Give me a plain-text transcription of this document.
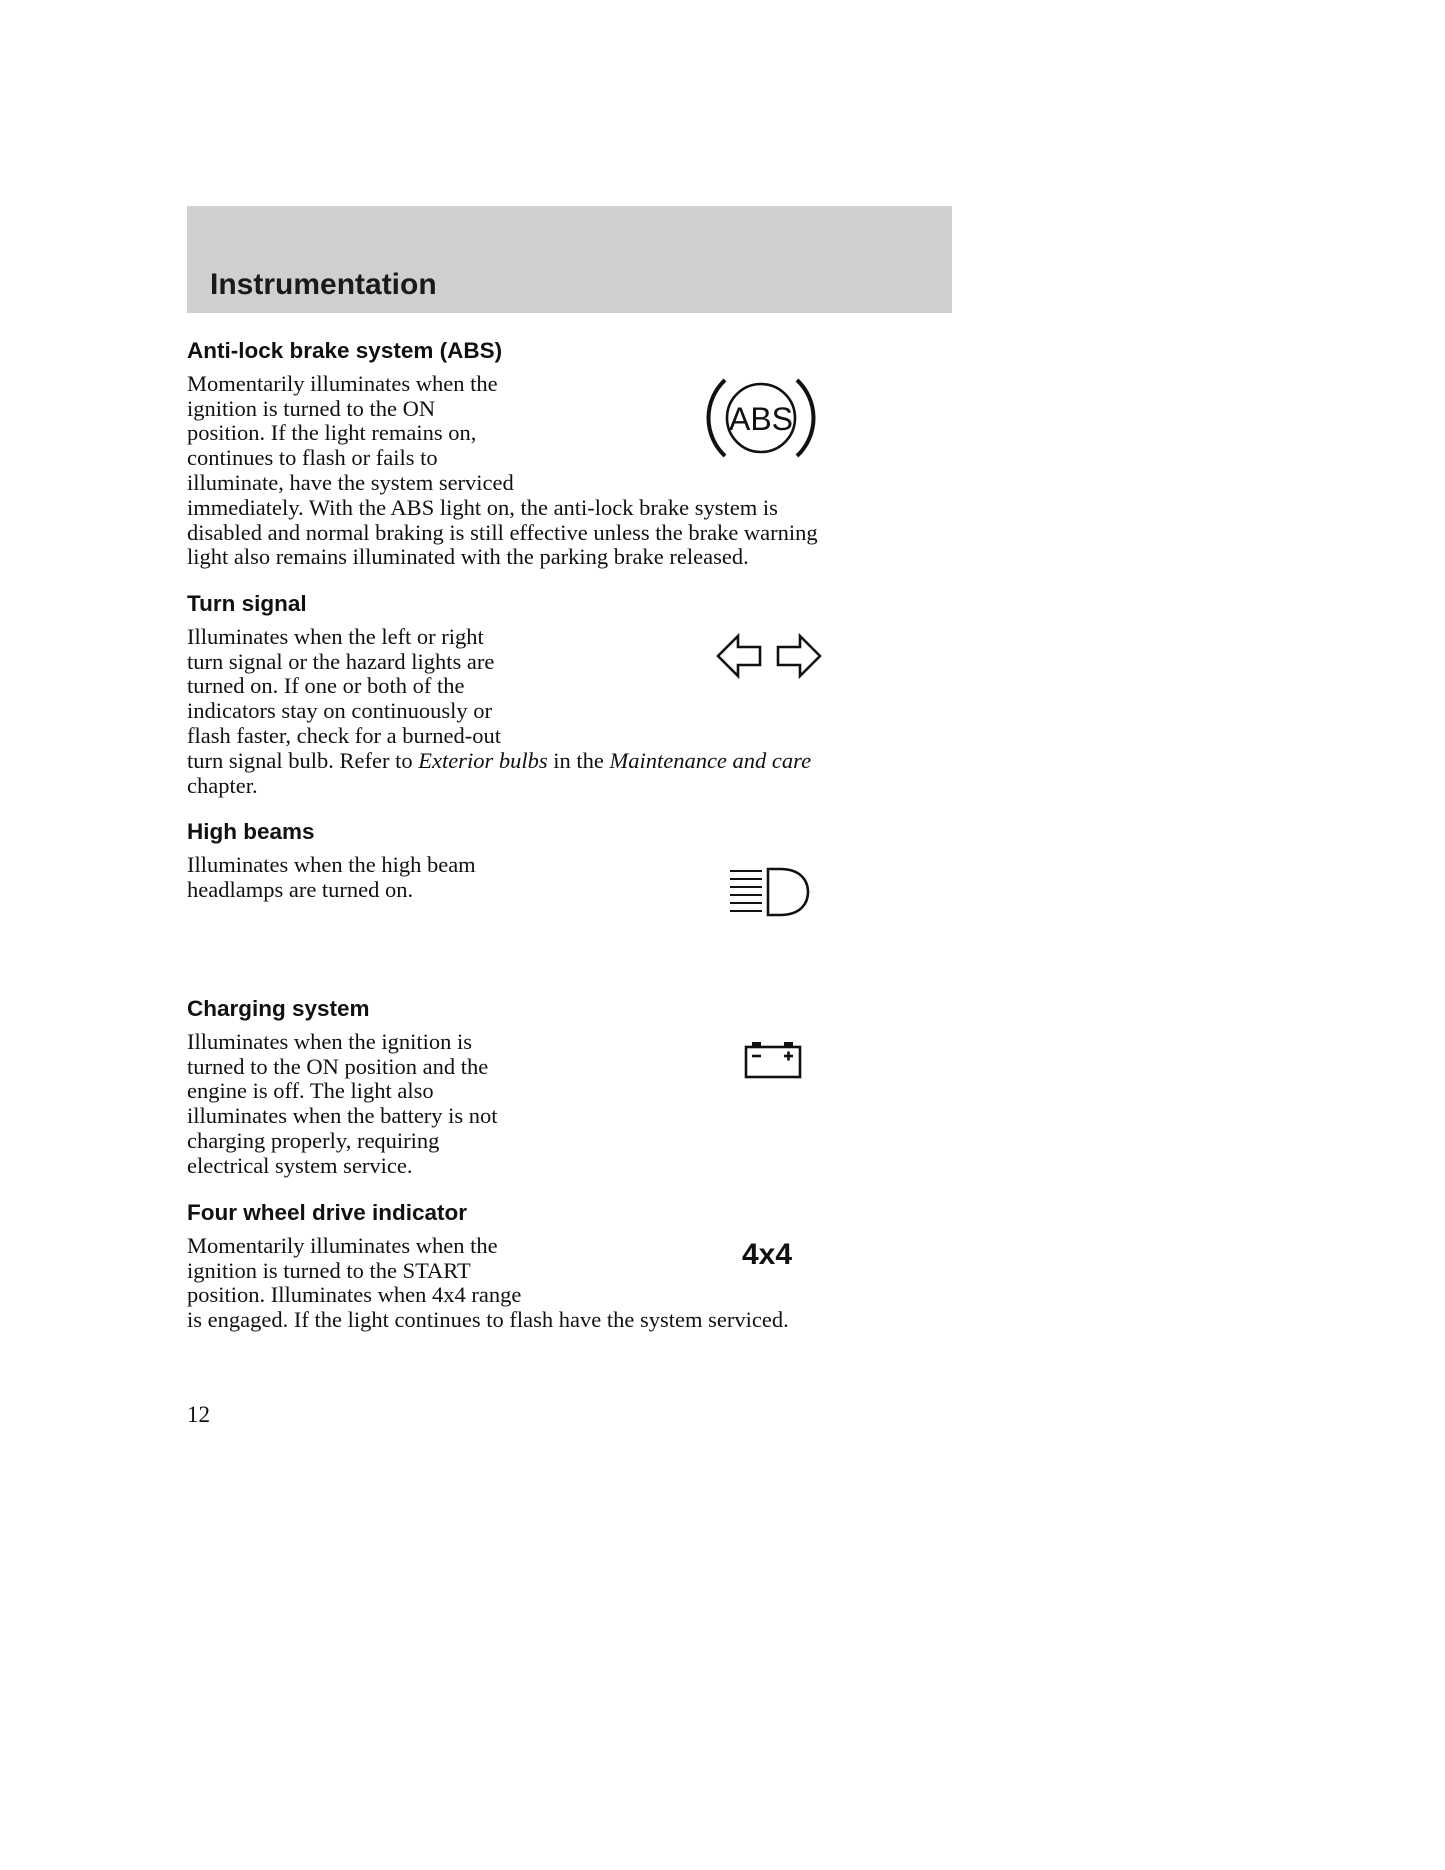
Instrumentation
Anti-lock brake system (ABS)

Momentarily illuminates when the
ignition is turned to the ON
position. If the light remains on,
continues to flash or fails to
illuminate, have the system serviced
immediately. With the ABS light on, the anti-lock brake system is
disabled and normal braking is still effective unless the brake warning
light also remains illuminated with the parking brake released.

ABS
Turn signal

Illuminates when the left or right
turn signal or the hazard lights are
turned on. If one or both of the
indicators stay on continuously or
flash faster, check for a burned-out
turn signal bulb. Refer to Exterior bulbs in the Maintenance and care
chapter.

High beams

Illuminates when the high beam
headlamps are turned on.

Charging system

Illuminates when the ignition is
turned to the ON position and the
engine is off. The light also
illuminates when the battery is not
charging properly, requiring
electrical system service.

Four wheel drive indicator

Momentarily illuminates when the
ignition is turned to the START
position. Illuminates when 4x4 range
is engaged. If the light continues to flash have the system serviced.

4x4
12
